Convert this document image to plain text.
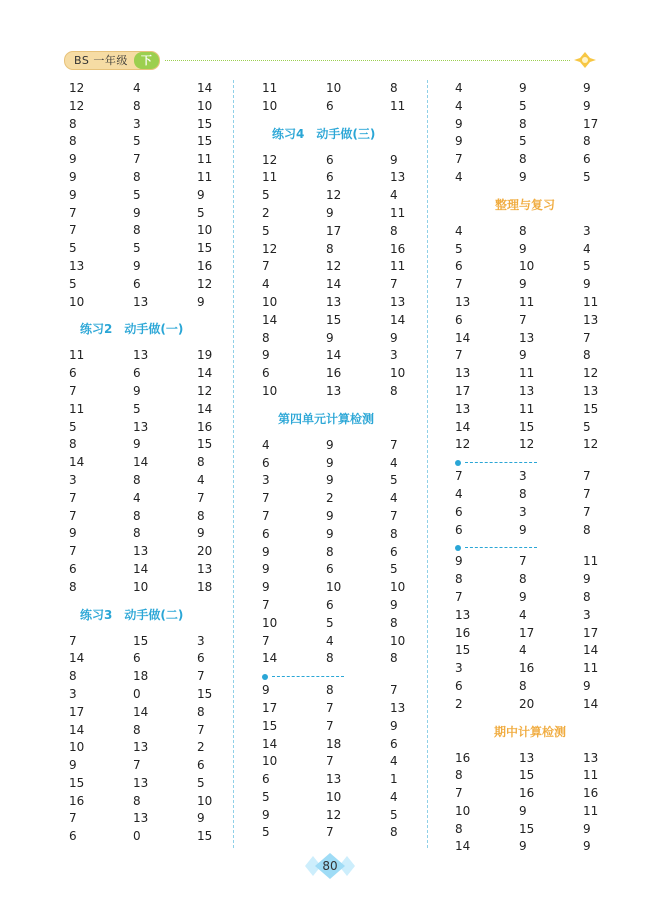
BS 一年级	下
12	4	14
12	8	10
8	3	15
8	5	15
9	7	11
9	8	11
9	5	9
7	9	5
7	8	10
5	5	15
13	9	16
5	6	12
10	13	9
练习2　动手做(一)
11	13	19
6	6	14
7	9	12
11	5	14
5	13	16
8	9	15
14	14	8
3	8	4
7	4	7
7	8	8
9	8	9
7	13	20
6	14	13
8	10	18
练习3　动手做(二)
7	15	3
14	6	6
8	18	7
3	0	15
17	14	8
14	8	7
10	13	2
9	7	6
15	13	5
16	8	10
7	13	9
6	0	15
11	10	8
10	6	11
练习4　动手做(三)
12	6	9
11	6	13
5	12	4
2	9	11
5	17	8
12	8	16
7	12	11
4	14	7
10	13	13
14	15	14
8	9	9
9	14	3
6	16	10
10	13	8
第四单元计算检测
4	9	7
6	9	4
3	9	5
7	2	4
7	9	7
6	9	8
9	8	6
9	6	5
9	10	10
7	6	9
10	5	8
7	4	10
14	8	8
9	8	7
17	7	13
15	7	9
14	18	6
10	7	4
6	13	1
5	10	4
9	12	5
5	7	8
4	9	9
4	5	9
9	8	17
9	5	8
7	8	6
4	9	5
整理与复习
4	8	3
5	9	4
6	10	5
7	9	9
13	11	11
6	7	13
14	13	7
7	9	8
13	11	12
17	13	13
13	11	15
14	15	5
12	12	12
7	3	7
4	8	7
6	3	7
6	9	8
9	7	11
8	8	9
7	9	8
13	4	3
16	17	17
15	4	14
3	16	11
6	8	9
2	20	14
期中计算检测
16	13	13
8	15	11
7	16	16
10	9	11
8	15	9
14	9	9
80
